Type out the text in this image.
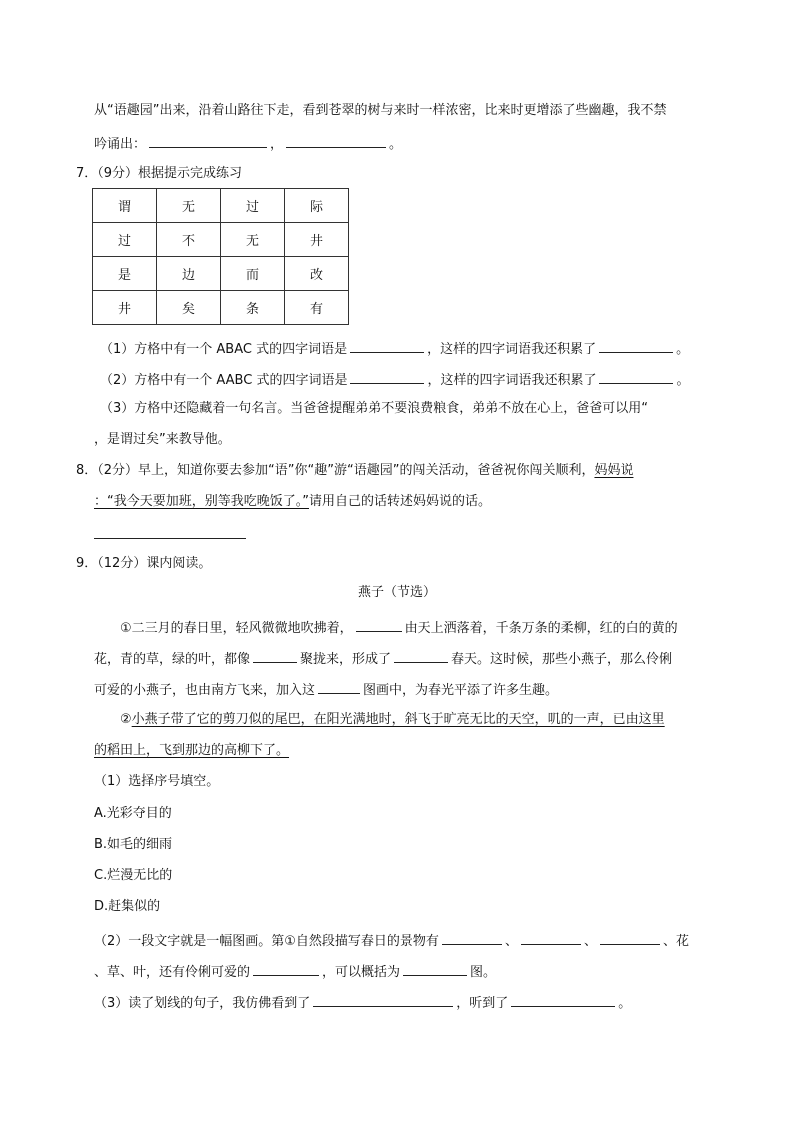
从“语趣园”出来，沿着山路往下走，看到苍翠的树与来时一样浓密，比来时更增添了些幽趣，我不禁
吟诵出：	，	。
7．（9分）根据提示完成练习
谓	无	过	际
过	不	无	井
是	边	而	改
井	矣	条	有
（1）方格中有一个 ABAC 式的四字词语是	，这样的四字词语我还积累了	。
（2）方格中有一个 AABC 式的四字词语是	，这样的四字词语我还积累了	。
（3）方格中还隐藏着一句名言。当爸爸提醒弟弟不要浪费粮食，弟弟不放在心上，爸爸可以用“
，是谓过矣”来教导他。
8．（2分）早上，知道你要去参加“语”你“趣”游“语趣园”的闯关活动，爸爸祝你闯关顺利，妈妈说
：“我今天要加班，别等我吃晚饭了。”请用自己的话转述妈妈说的话。
9．（12分）课内阅读。
燕子（节选）
①二三月的春日里，轻风微微地吹拂着，	由天上洒落着，千条万条的柔柳，红的白的黄的
花，青的草，绿的叶，都像	聚拢来，形成了	春天。这时候，那些小燕子，那么伶俐
可爱的小燕子，也由南方飞来，加入这	图画中，为春光平添了许多生趣。
②小燕子带了它的剪刀似的尾巴，在阳光满地时，斜飞于旷亮无比的天空，叽的一声，已由这里
的稻田上，飞到那边的高柳下了。
（1）选择序号填空。
A.光彩夺目的
B.如毛的细雨
C.烂漫无比的
D.赶集似的
（2）一段文字就是一幅图画。第①自然段描写春日的景物有	、	、	、花
、草、叶，还有伶俐可爱的	，可以概括为	图。
（3）读了划线的句子，我仿佛看到了	，听到了	。
